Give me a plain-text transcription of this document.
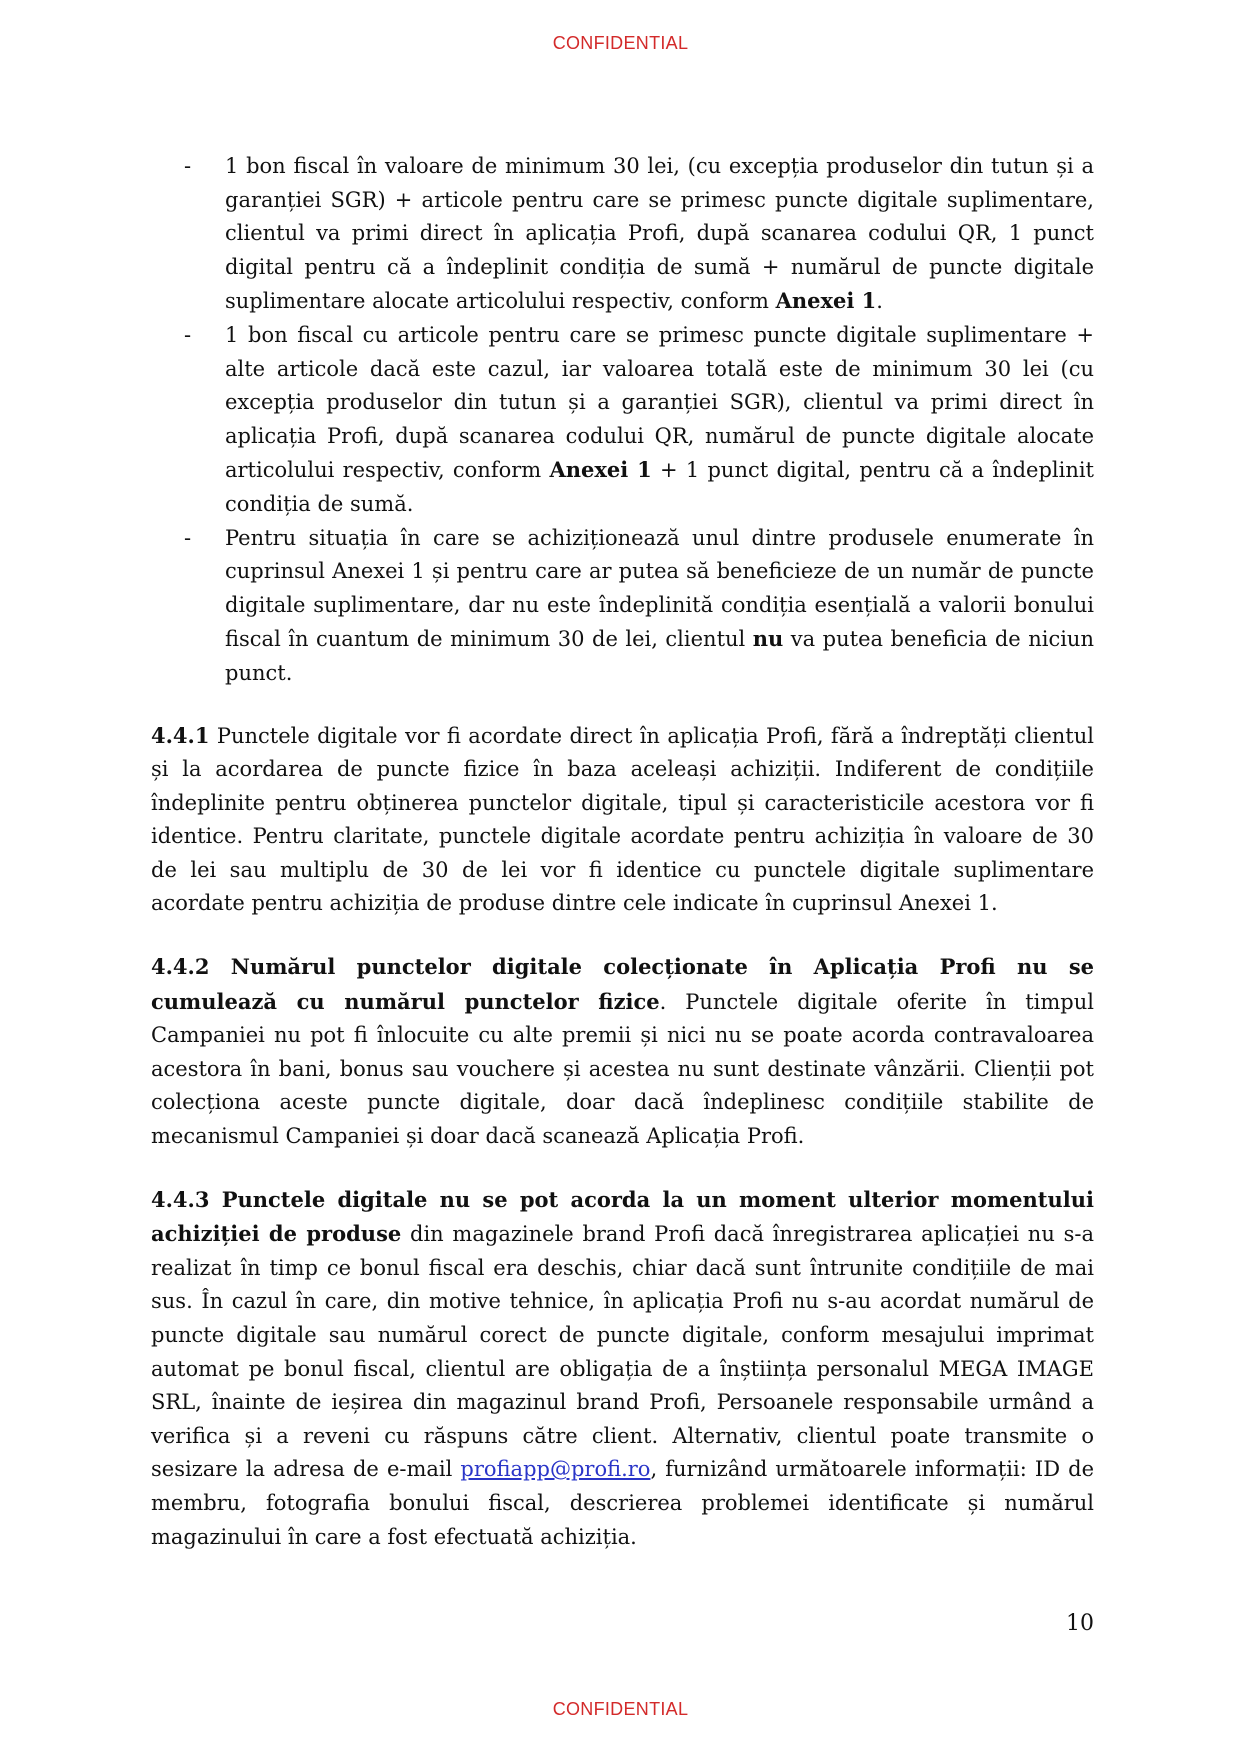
CONFIDENTIAL
- 1 bon fiscal în valoare de minimum 30 lei, (cu excepția produselor din tutun și a garanției SGR) + articole pentru care se primesc puncte digitale suplimentare, clientul va primi direct în aplicația Profi, după scanarea codului QR, 1 punct digital pentru că a îndeplinit condiția de sumă + numărul de puncte digitale suplimentare alocate articolului respectiv, conform Anexei 1.
- 1 bon fiscal cu articole pentru care se primesc puncte digitale suplimentare + alte articole dacă este cazul, iar valoarea totală este de minimum 30 lei (cu excepția produselor din tutun și a garanției SGR), clientul va primi direct în aplicația Profi, după scanarea codului QR, numărul de puncte digitale alocate articolului respectiv, conform Anexei 1 + 1 punct digital, pentru că a îndeplinit condiția de sumă.
- Pentru situația în care se achiziționează unul dintre produsele enumerate în cuprinsul Anexei 1 și pentru care ar putea să beneficieze de un număr de puncte digitale suplimentare, dar nu este îndeplinită condiția esențială a valorii bonului fiscal în cuantum de minimum 30 de lei, clientul nu va putea beneficia de niciun punct.

4.4.1 Punctele digitale vor fi acordate direct în aplicația Profi, fără a îndreptăți clientul și la acordarea de puncte fizice în baza aceleași achiziții. Indiferent de condițiile îndeplinite pentru obținerea punctelor digitale, tipul și caracteristicile acestora vor fi identice. Pentru claritate, punctele digitale acordate pentru achiziția în valoare de 30 de lei sau multiplu de 30 de lei vor fi identice cu punctele digitale suplimentare acordate pentru achiziția de produse dintre cele indicate în cuprinsul Anexei 1.

4.4.2 Numărul punctelor digitale colecționate în Aplicația Profi nu se cumulează cu numărul punctelor fizice. Punctele digitale oferite în timpul Campaniei nu pot fi înlocuite cu alte premii și nici nu se poate acorda contravaloarea acestora în bani, bonus sau vouchere și acestea nu sunt destinate vânzării. Clienții pot colecționa aceste puncte digitale, doar dacă îndeplinesc condițiile stabilite de mecanismul Campaniei și doar dacă scanează Aplicația Profi.

4.4.3 Punctele digitale nu se pot acorda la un moment ulterior momentului achiziției de produse din magazinele brand Profi dacă înregistrarea aplicației nu s-a realizat în timp ce bonul fiscal era deschis, chiar dacă sunt întrunite condițiile de mai sus. În cazul în care, din motive tehnice, în aplicația Profi nu s-au acordat numărul de puncte digitale sau numărul corect de puncte digitale, conform mesajului imprimat automat pe bonul fiscal, clientul are obligația de a înștiința personalul MEGA IMAGE SRL, înainte de ieșirea din magazinul brand Profi, Persoanele responsabile urmând a verifica și a reveni cu răspuns către client. Alternativ, clientul poate transmite o sesizare la adresa de e-mail profiapp@profi.ro, furnizând următoarele informații: ID de membru, fotografia bonului fiscal, descrierea problemei identificate și numărul magazinului în care a fost efectuată achiziția.

10
CONFIDENTIAL
